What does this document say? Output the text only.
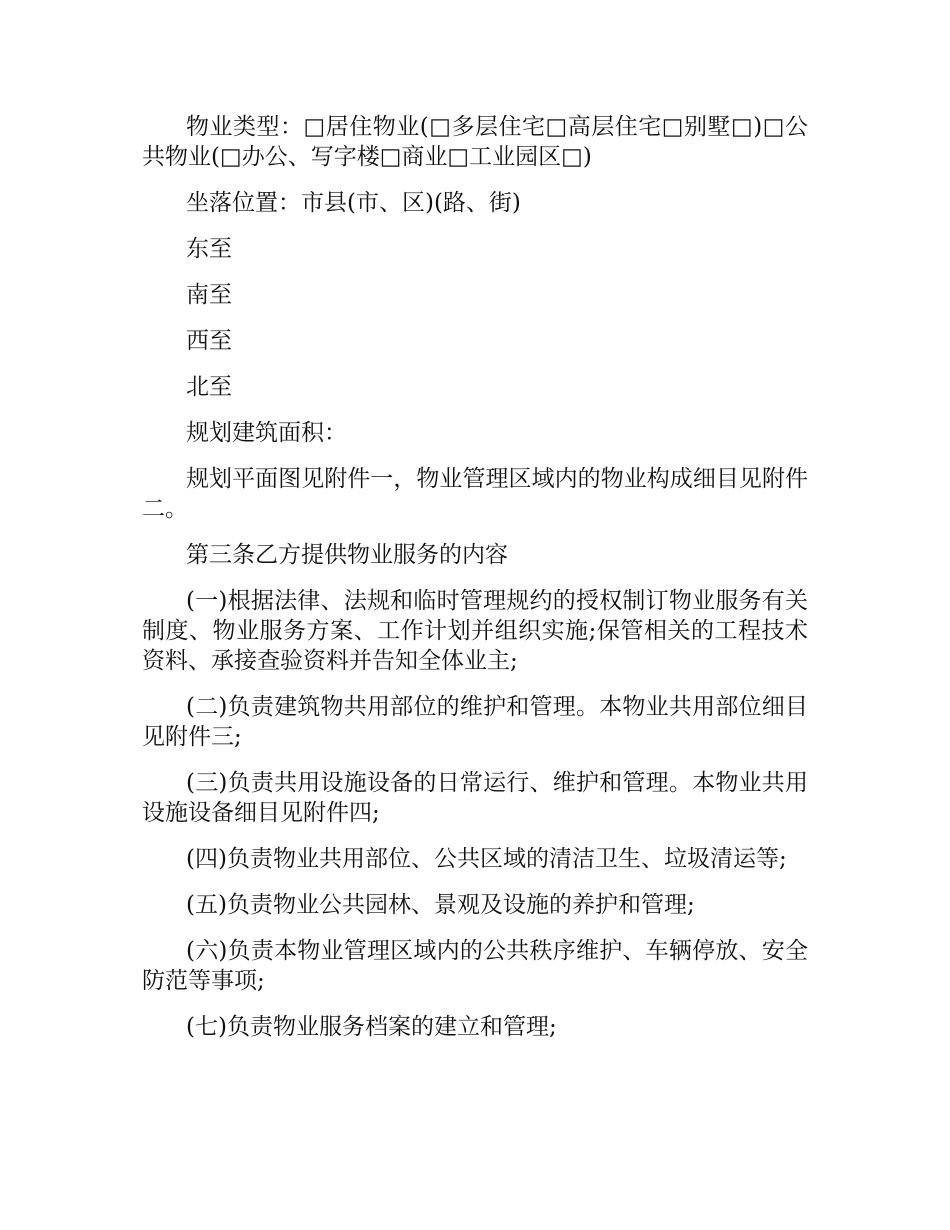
物业类型：□居住物业(□多层住宅□高层住宅□别墅□)□公共物业(□办公、写字楼□商业□工业园区□)

坐落位置：市县(市、区)(路、街)

东至

南至

西至

北至

规划建筑面积：

规划平面图见附件一，物业管理区域内的物业构成细目见附件二。

第三条乙方提供物业服务的内容

(一)根据法律、法规和临时管理规约的授权制订物业服务有关制度、物业服务方案、工作计划并组织实施;保管相关的工程技术资料、承接查验资料并告知全体业主;

(二)负责建筑物共用部位的维护和管理。本物业共用部位细目见附件三;

(三)负责共用设施设备的日常运行、维护和管理。本物业共用设施设备细目见附件四;

(四)负责物业共用部位、公共区域的清洁卫生、垃圾清运等;

(五)负责物业公共园林、景观及设施的养护和管理;

(六)负责本物业管理区域内的公共秩序维护、车辆停放、安全防范等事项;

(七)负责物业服务档案的建立和管理;
